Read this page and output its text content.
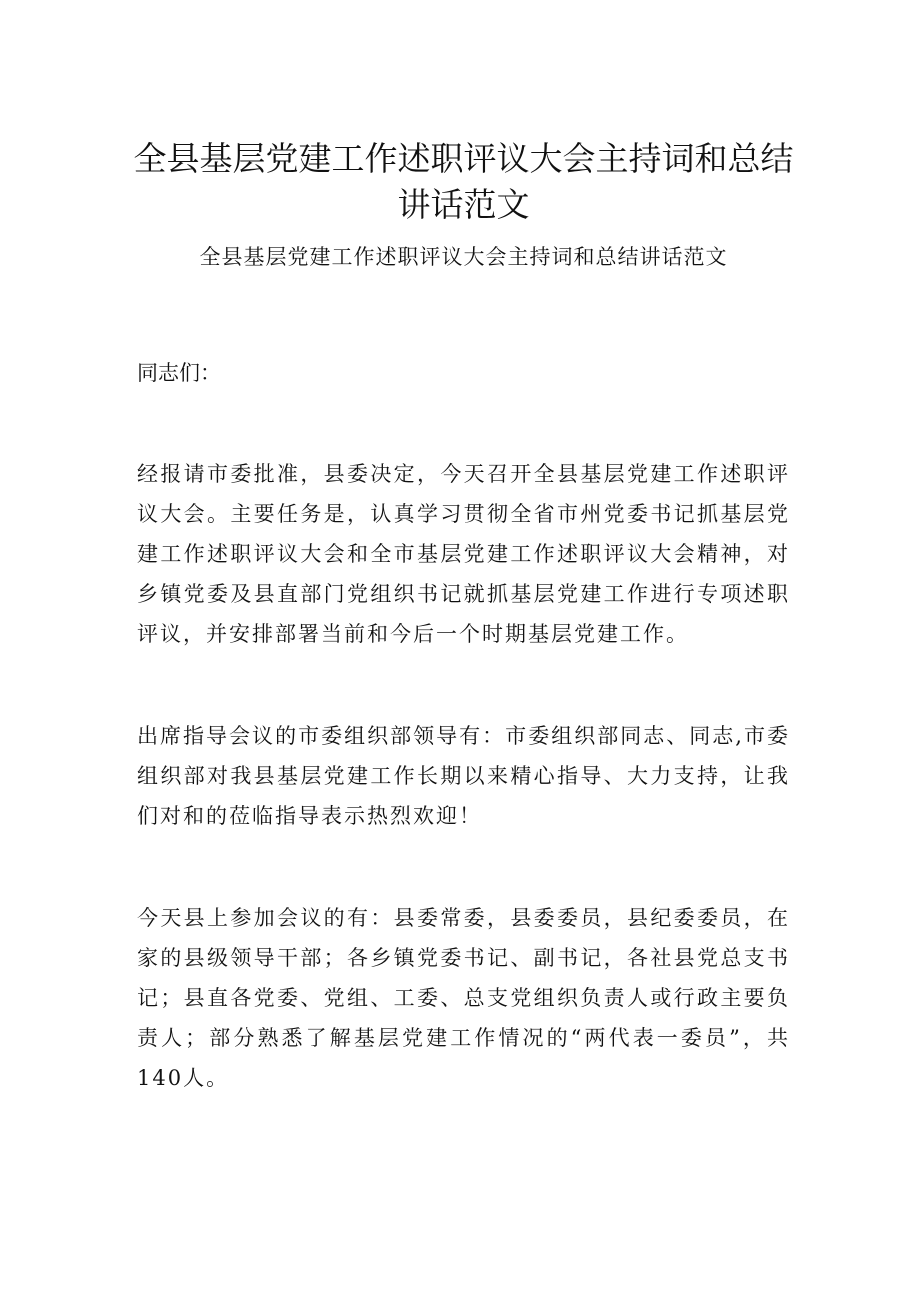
全县基层党建工作述职评议大会主持词和总结讲话范文
全县基层党建工作述职评议大会主持词和总结讲话范文
同志们：

经报请市委批准，县委决定，今天召开全县基层党建工作述职评议大会。主要任务是，认真学习贯彻全省市州党委书记抓基层党建工作述职评议大会和全市基层党建工作述职评议大会精神，对乡镇党委及县直部门党组织书记就抓基层党建工作进行专项述职评议，并安排部署当前和今后一个时期基层党建工作。

出席指导会议的市委组织部领导有：市委组织部同志、同志,市委组织部对我县基层党建工作长期以来精心指导、大力支持，让我们对和的莅临指导表示热烈欢迎！

今天县上参加会议的有：县委常委，县委委员，县纪委委员，在家的县级领导干部；各乡镇党委书记、副书记，各社县党总支书记；县直各党委、党组、工委、总支党组织负责人或行政主要负责人；部分熟悉了解基层党建工作情况的“两代表一委员”，共140人。
